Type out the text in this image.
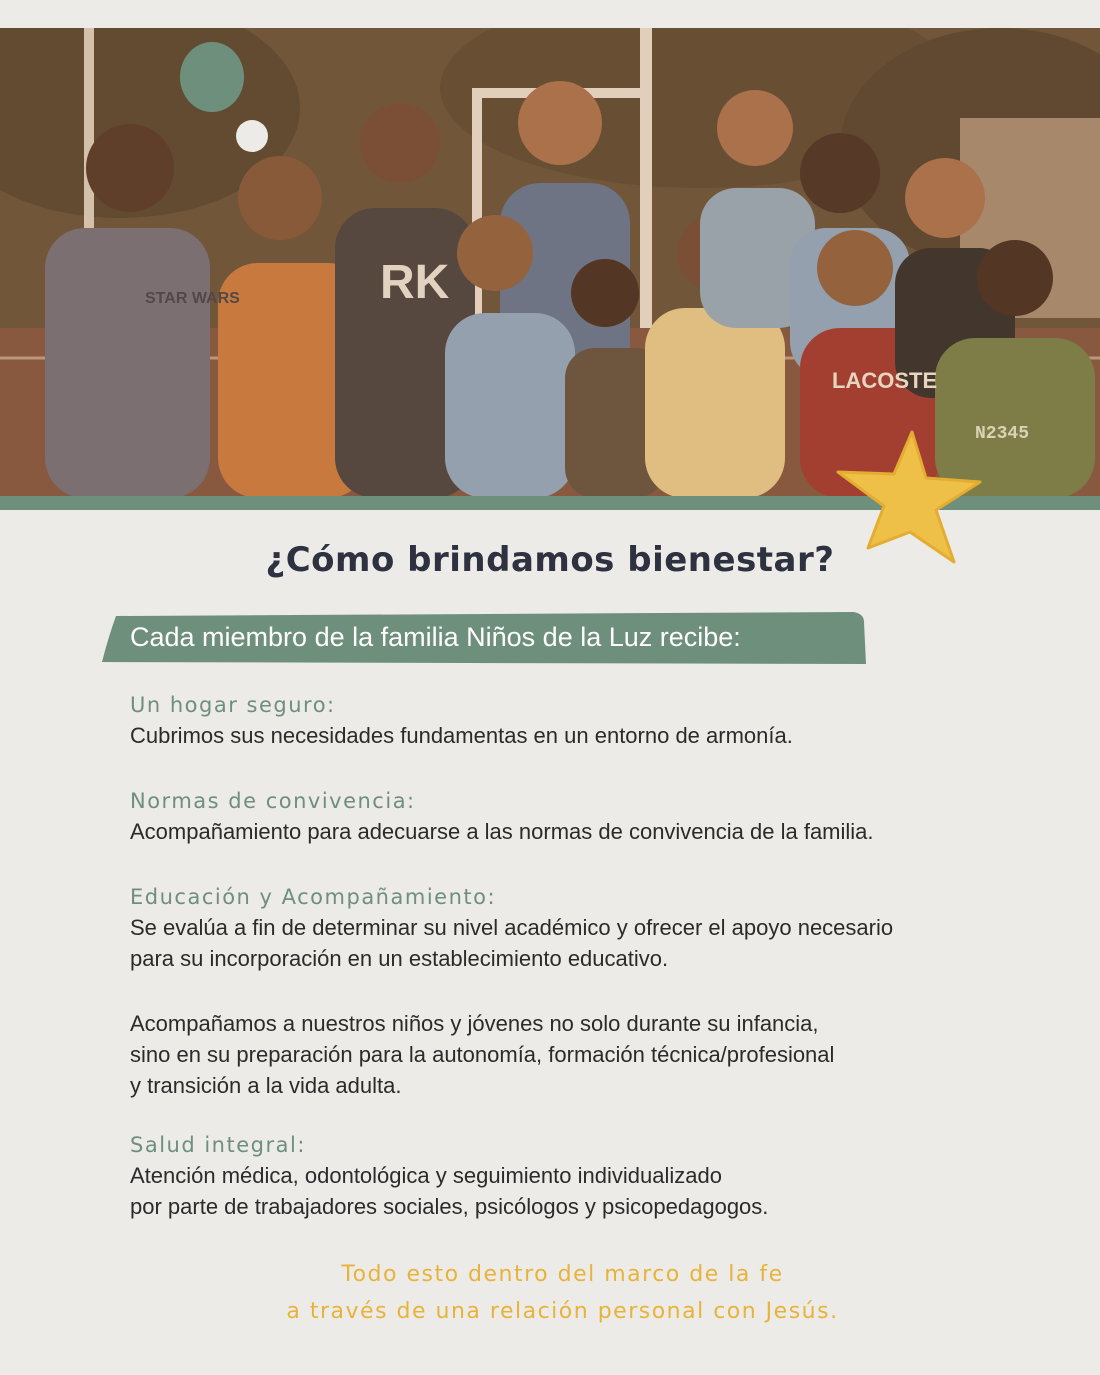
STAR WARS	RK
LACOSTE
N2345
¿Cómo brindamos bienestar?
Cada miembro de la familia Niños de la Luz recibe:

Un hogar seguro:

Cubrimos sus necesidades fundamentas en un entorno de armonía.

Normas de convivencia:

Acompañamiento para adecuarse a las normas de convivencia de la familia.

Educación y Acompañamiento:

Se evalúa a fin de determinar su nivel académico y ofrecer el apoyo necesario
para su incorporación en un establecimiento educativo.

Acompañamos a nuestros niños y jóvenes no solo durante su infancia,
sino en su preparación para la autonomía, formación técnica/profesional
y transición a la vida adulta.

Salud integral:

Atención médica, odontológica y seguimiento individualizado
por parte de trabajadores sociales, psicólogos y psicopedagogos.

Todo esto dentro del marco de la fe
a través de una relación personal con Jesús.
